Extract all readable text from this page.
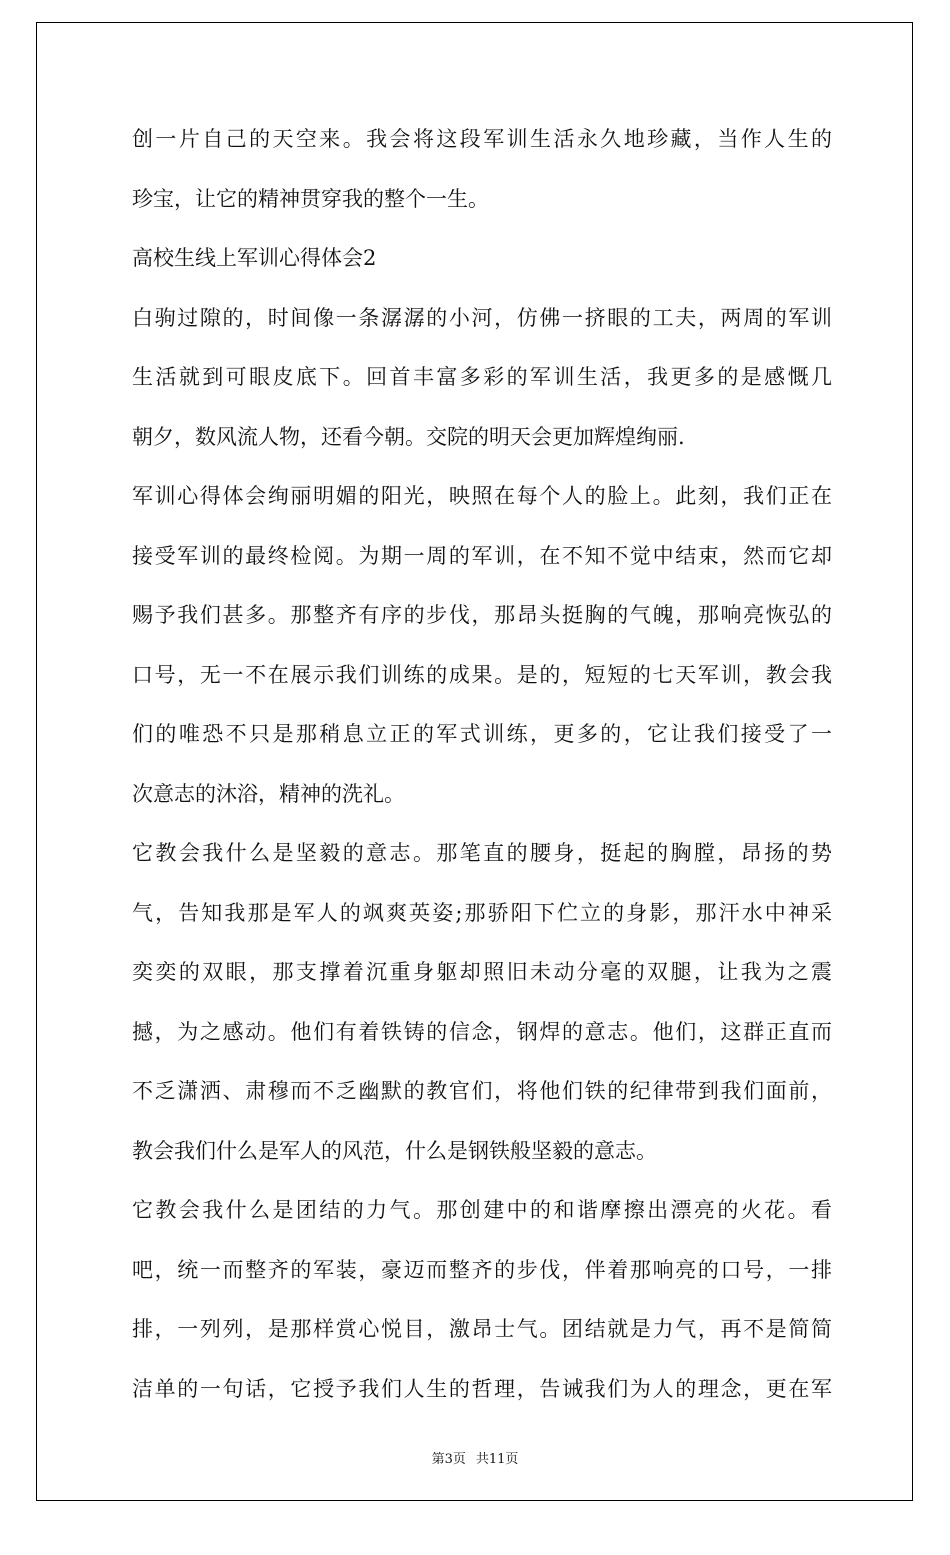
创一片自己的天空来。我会将这段军训生活永久地珍藏，当作人生的
珍宝，让它的精神贯穿我的整个一生。
高校生线上军训心得体会2
白驹过隙的，时间像一条潺潺的小河，仿佛一挤眼的工夫，两周的军训
生活就到可眼皮底下。回首丰富多彩的军训生活，我更多的是感慨几
朝夕，数风流人物，还看今朝。交院的明天会更加辉煌绚丽.
军训心得体会绚丽明媚的阳光，映照在每个人的脸上。此刻，我们正在
接受军训的最终检阅。为期一周的军训，在不知不觉中结束，然而它却
赐予我们甚多。那整齐有序的步伐，那昂头挺胸的气魄，那响亮恢弘的
口号，无一不在展示我们训练的成果。是的，短短的七天军训，教会我
们的唯恐不只是那稍息立正的军式训练，更多的，它让我们接受了一
次意志的沐浴，精神的洗礼。
它教会我什么是坚毅的意志。那笔直的腰身，挺起的胸膛，昂扬的势
气，告知我那是军人的飒爽英姿;那骄阳下伫立的身影，那汗水中神采
奕奕的双眼，那支撑着沉重身躯却照旧未动分毫的双腿，让我为之震
撼，为之感动。他们有着铁铸的信念，钢焊的意志。他们，这群正直而
不乏潇洒、肃穆而不乏幽默的教官们，将他们铁的纪律带到我们面前，
教会我们什么是军人的风范，什么是钢铁般坚毅的意志。
它教会我什么是团结的力气。那创建中的和谐摩擦出漂亮的火花。看
吧，统一而整齐的军装，豪迈而整齐的步伐，伴着那响亮的口号，一排
排，一列列，是那样赏心悦目，激昂士气。团结就是力气，再不是简简
洁单的一句话，它授予我们人生的哲理，告诫我们为人的理念，更在军
第3页 共11页
